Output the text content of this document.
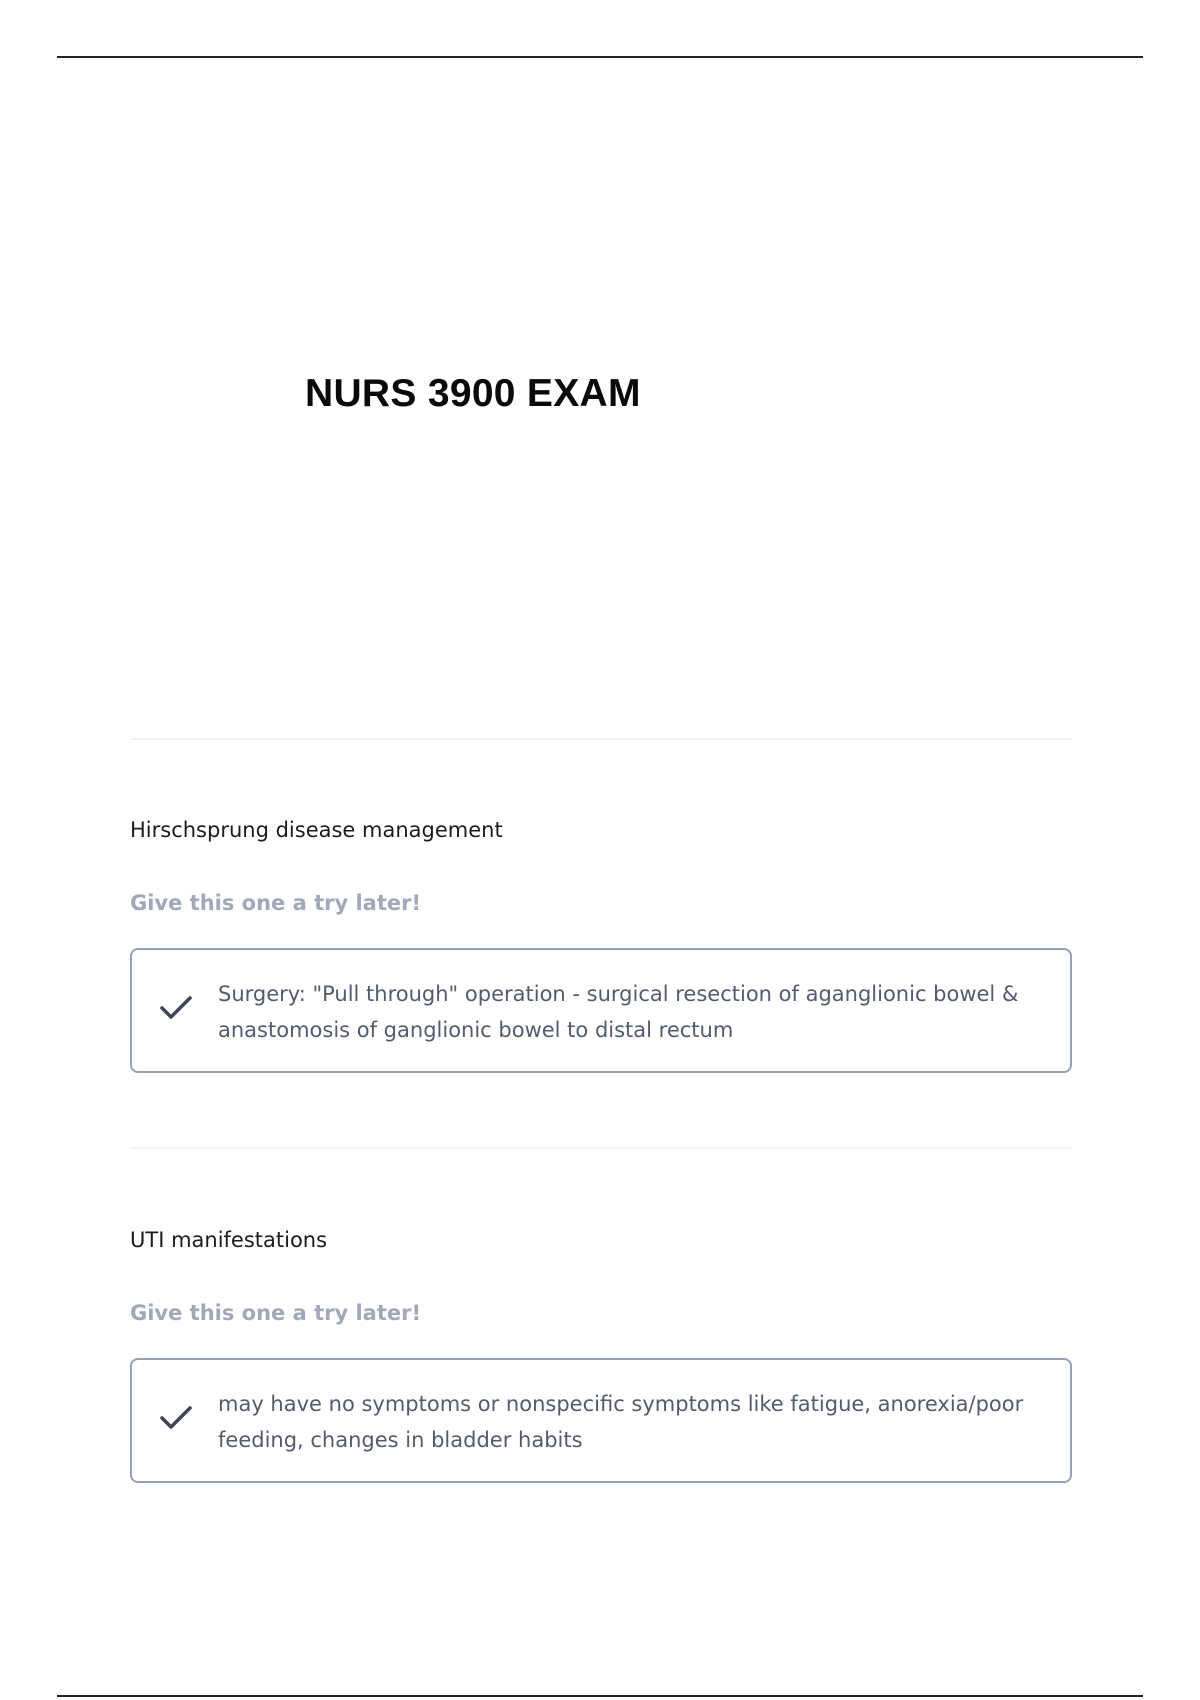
NURS 3900 EXAM
Hirschsprung disease management
Give this one a try later!
Surgery: "Pull through" operation - surgical resection of aganglionic bowel & anastomosis of ganglionic bowel to distal rectum
UTI manifestations
Give this one a try later!
may have no symptoms or nonspecific symptoms like fatigue, anorexia/poor feeding, changes in bladder habits
